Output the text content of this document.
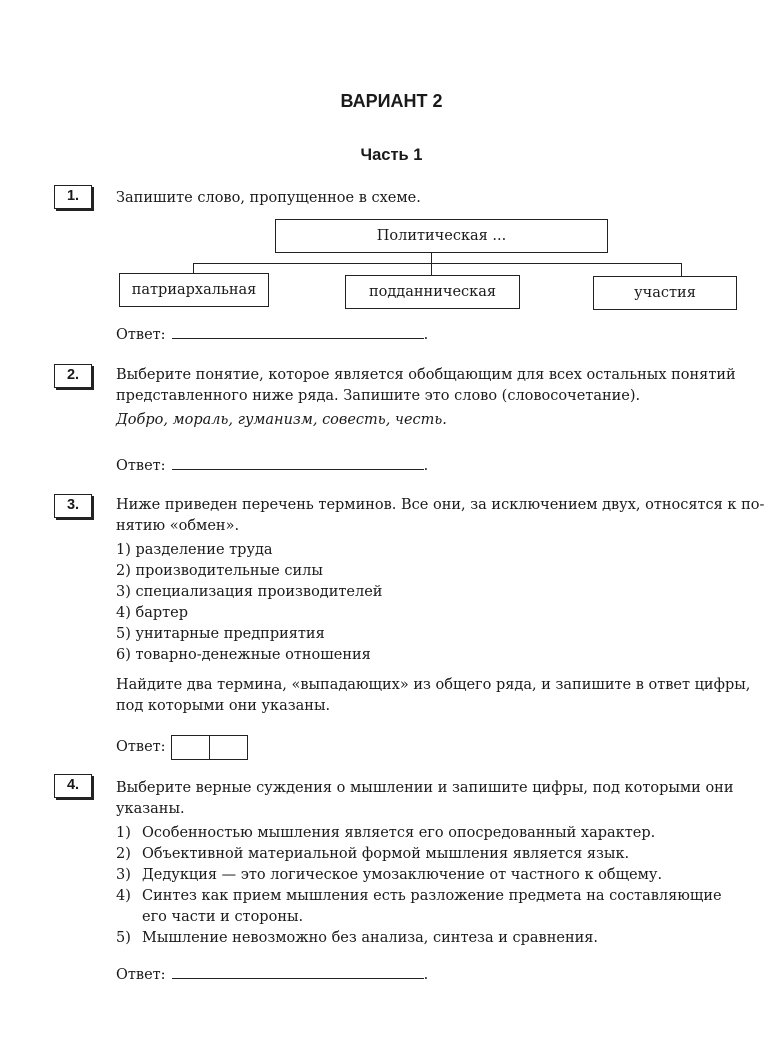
ВАРИАНТ 2
Часть 1
1.	Запишите слово, пропущенное в схеме.
Политическая ...
патриархальная	подданническая	участия
Ответ:	.
2.	Выберите понятие, которое является обобщающим для всех остальных понятий
представленного ниже ряда. Запишите это слово (словосочетание).
Добро, мораль, гуманизм, совесть, честь.
Ответ:	.
3.	Ниже приведен перечень терминов. Все они, за исключением двух, относятся к по-
нятию «обмен».
1) разделение труда
2) производительные силы
3) специализация производителей
4) бартер
5) унитарные предприятия
6) товарно-денежные отношения
Найдите два термина, «выпадающих» из общего ряда, и запишите в ответ цифры,
под которыми они указаны.
Ответ:
4.	Выберите верные суждения о мышлении и запишите цифры, под которыми они
указаны.
1) Особенностью мышления является его опосредованный характер.
2) Объективной материальной формой мышления является язык.
3) Дедукция — это логическое умозаключение от частного к общему.
4) Синтез как прием мышления есть разложение предмета на составляющие
его части и стороны.
5) Мышление невозможно без анализа, синтеза и сравнения.
Ответ:	.
